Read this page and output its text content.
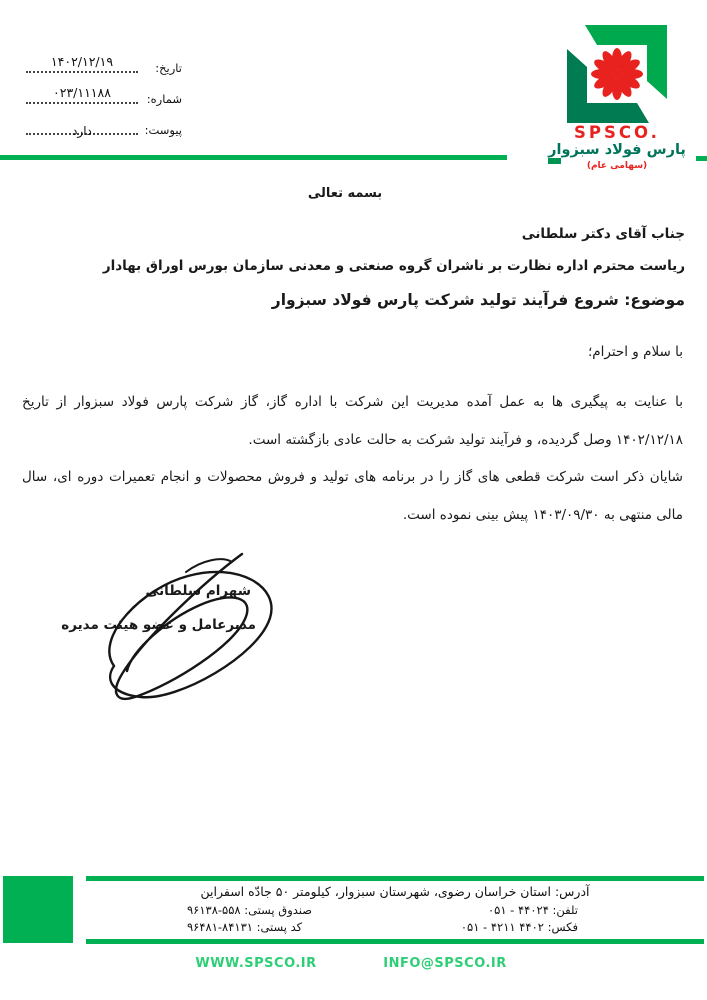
تاریخ:
۱۴۰۲/۱۲/۱۹
شماره:
۰۲۳/۱۱۱۸۸
پیوست:
دارد	SPSCO.
پارس فولاد سبزوار
(سهامی عام)
بسمه تعالی
جناب آقای دکتر سلطانی
ریاست محترم اداره نظارت بر ناشران گروه صنعتی و معدنی سازمان بورس اوراق بهادار
موضوع: شروع فرآیند تولید شرکت پارس فولاد سبزوار
با سلام و احترام؛

با عنایت به پیگیری ها به عمل آمده مدیریت این شرکت با اداره گاز، گاز شرکت پارس فولاد سبزوار از تاریخ ۱۴۰۲/۱۲/۱۸ وصل گردیده، و فرآیند تولید شرکت به حالت عادی بازگشته است.

شایان ذکر است شرکت قطعی های گاز را در برنامه های تولید و فروش محصولات و انجام تعمیرات دوره ای، سال مالی منتهی به ۱۴۰۳/۰۹/۳۰ پیش بینی نموده است.

شهرام سلطانی
مدیرعامل و عضو هیئت مدیره
آدرس: استان خراسان رضوی، شهرستان سبزوار، کیلومتر ۵۰ جادّه اسفراین
تلفن: ۴۴۰۲۴ - ۰۵۱
فکس: ۴۴۰۲ ۴۲۱۱ - ۰۵۱
صندوق پستی: ۹۶۱۳۸-۵۵۸
کد پستی: ۹۶۴۸۱-۸۴۱۳۱
WWW.SPSCO.IR	INFO@SPSCO.IR
